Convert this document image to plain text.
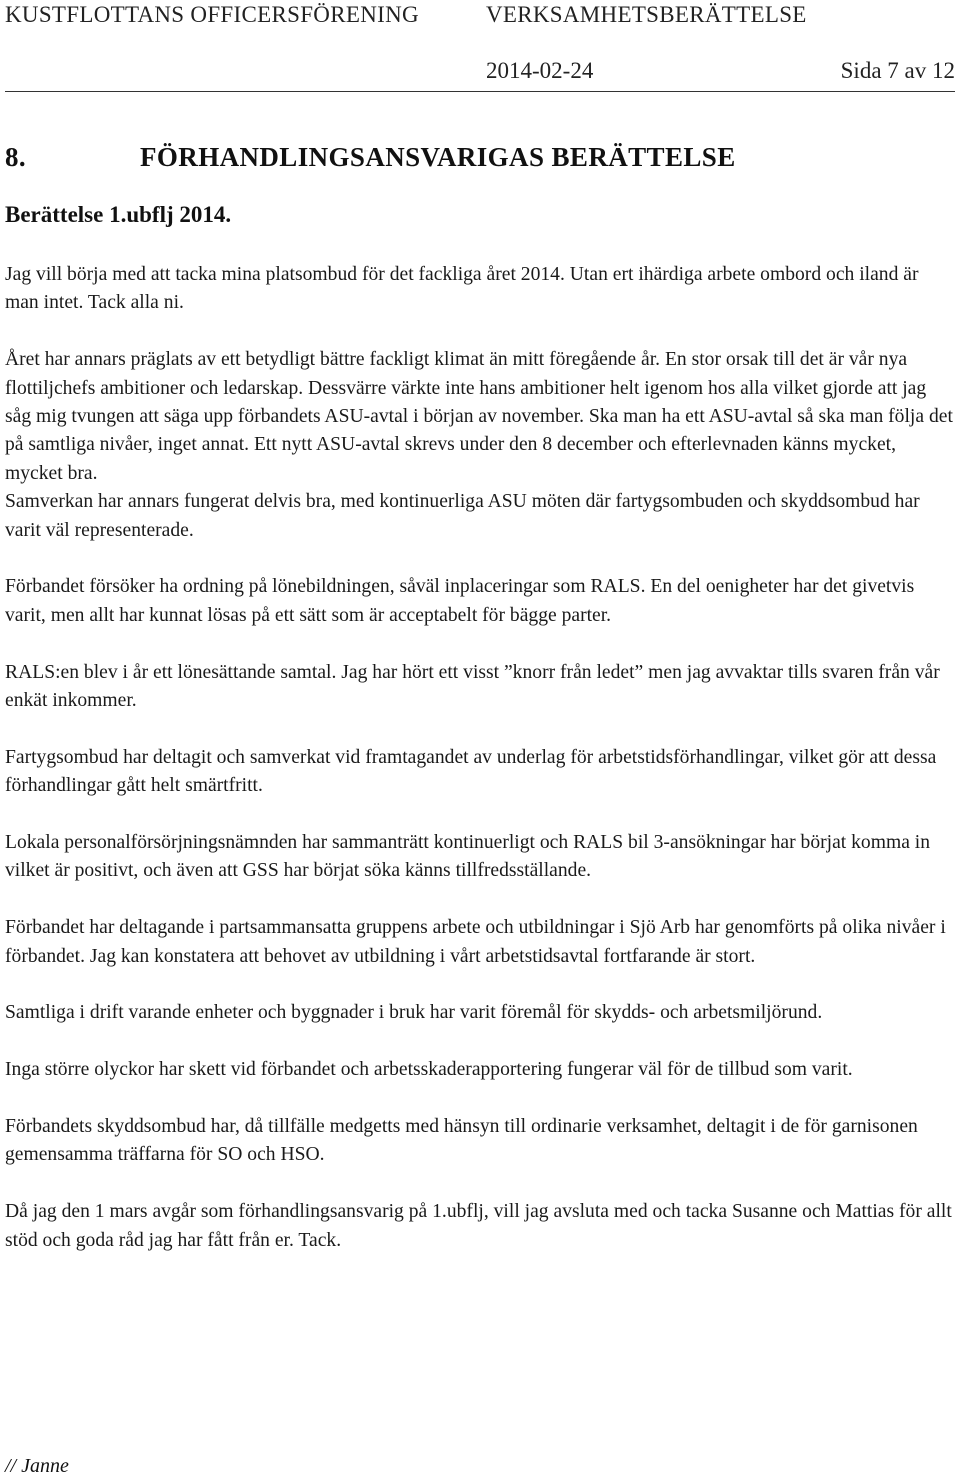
KUSTFLOTTANS OFFICERSFÖRENING	VERKSAMHETSBERÄTTELSE
2014-02-24	Sida 7 av 12
8.	FÖRHANDLINGSANSVARIGAS BERÄTTELSE
Berättelse 1.ubflj 2014.

Jag vill börja med att tacka mina platsombud för det fackliga året 2014. Utan ert ihärdiga arbete ombord och iland är man intet. Tack alla ni.

Året har annars präglats av ett betydligt bättre fackligt klimat än mitt föregående år. En stor orsak till det är vår nya flottiljchefs ambitioner och ledarskap. Dessvärre värkte inte hans ambitioner helt igenom hos alla vilket gjorde att jag såg mig tvungen att säga upp förbandets ASU-avtal i början av november. Ska man ha ett ASU-avtal så ska man följa det på samtliga nivåer, inget annat. Ett nytt ASU-avtal skrevs under den 8 december och efterlevnaden känns mycket, mycket bra.

Samverkan har annars fungerat delvis bra, med kontinuerliga ASU möten där fartygsombuden och skyddsombud har varit väl representerade.

Förbandet försöker ha ordning på lönebildningen, såväl inplaceringar som RALS. En del oenigheter har det givetvis varit, men allt har kunnat lösas på ett sätt som är acceptabelt för bägge parter.

RALS:en blev i år ett lönesättande samtal. Jag har hört ett visst ”knorr från ledet” men jag avvaktar tills svaren från vår enkät inkommer.

Fartygsombud har deltagit och samverkat vid framtagandet av underlag för arbetstidsförhandlingar, vilket gör att dessa förhandlingar gått helt smärtfritt.

Lokala personalförsörjningsnämnden har sammanträtt kontinuerligt och RALS bil 3-ansökningar har börjat komma in vilket är positivt, och även att GSS har börjat söka känns tillfredsställande.

Förbandet har deltagande i partsammansatta gruppens arbete och utbildningar i Sjö Arb har genomförts på olika nivåer i förbandet. Jag kan konstatera att behovet av utbildning i vårt arbetstidsavtal fortfarande är stort.

Samtliga i drift varande enheter och byggnader i bruk har varit föremål för skydds- och arbetsmiljörund.

Inga större olyckor har skett vid förbandet och arbetsskaderapportering fungerar väl för de tillbud som varit.

Förbandets skyddsombud har, då tillfälle medgetts med hänsyn till ordinarie verksamhet, deltagit i de för garnisonen gemensamma träffarna för SO och HSO.

Då jag den 1 mars avgår som förhandlingsansvarig på 1.ubflj, vill jag avsluta med och tacka Susanne och Mattias för allt stöd och goda råd jag har fått från er. Tack.

// Janne
